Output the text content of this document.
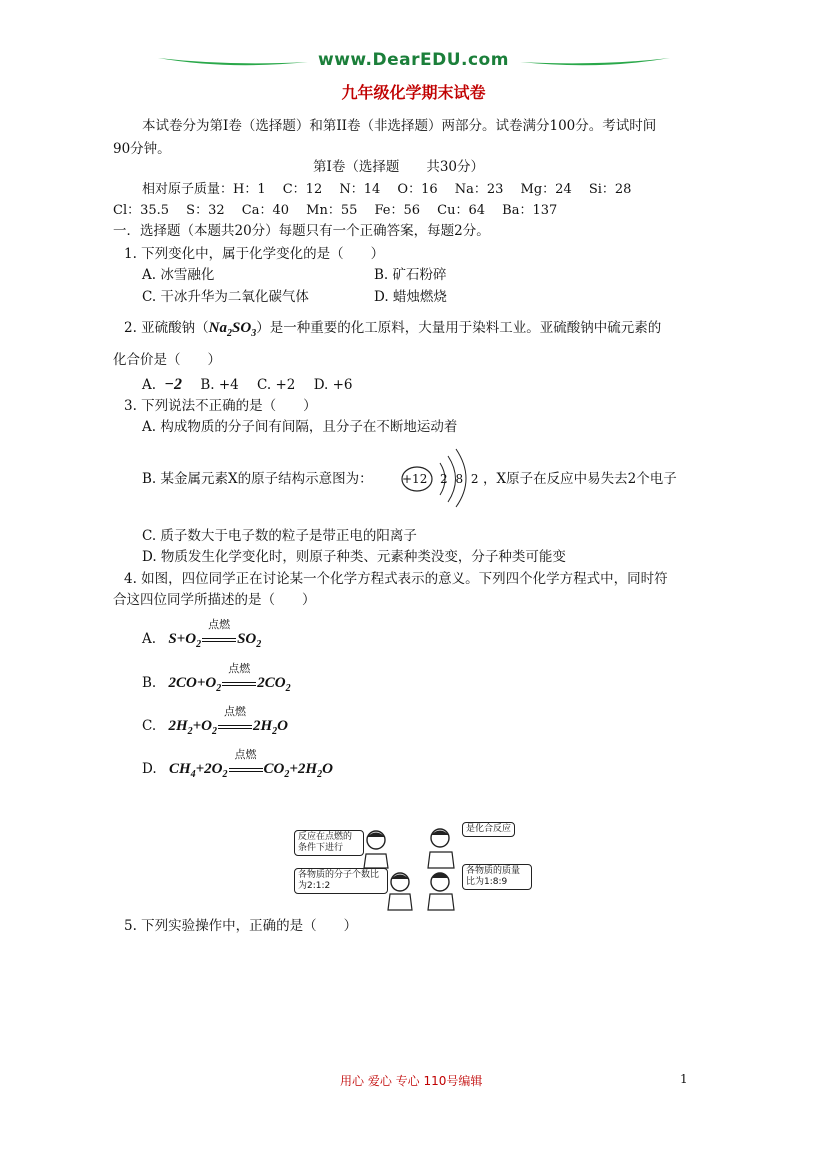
www.DearEDU.com
九年级化学期末试卷
本试卷分为第Ⅰ卷（选择题）和第II卷（非选择题）两部分。试卷满分100分。考试时间
90分钟。
第Ⅰ卷（选择题　　共30分）
相对原子质量：H：1　 C：12　 N：14　 O：16　 Na：23　 Mg：24　 Si：28
Cl：35.5　 S：32　 Ca：40　 Mn：55　 Fe：56　 Cu：64　 Ba：137
一．选择题（本题共20分）每题只有一个正确答案，每题2分。
1. 下列变化中，属于化学变化的是（　　）
A. 冰雪融化	B. 矿石粉碎
C. 干冰升华为二氧化碳气体	D. 蜡烛燃烧
2. 亚硫酸钠$(Na_2SO_3)$是一种重要的化工原料，大量用于染料工业。亚硫酸钠中硫元素的
化合价是（　　）
A. −2 B. +4 C. +2 D. +6
3. 下列说法不正确的是（　　）
A. 构成物质的分子间有间隔，且分子在不断地运动着
B. 某金属元素X的原子结构示意图为： +12 2 8 2 ，X原子在反应中易失去2个电子
C. 质子数大于电子数的粒子是带正电的阳离子
D. 物质发生化学变化时，则原子种类、元素种类没变，分子种类可能变
4. 如图，四位同学正在讨论某一个化学方程式表示的意义。下列四个化学方程式中，同时符
合这四位同学所描述的是（　　）
A. $S+O_2$
点燃
$SO_2$
B. $2CO+O_2$
点燃
$2CO_2$
C. $2H_2+O_2$
点燃
$2H_2O$
D. $CH_4+2O_2$
点燃
$CO_2+2H_2O$
反应在点燃的条件下进行
是化合反应
各物质的分子个数比为2:1:2
各物质的质量比为1:8:9
5. 下列实验操作中，正确的是（　　）
用心 爱心 专心 110号编辑	1
